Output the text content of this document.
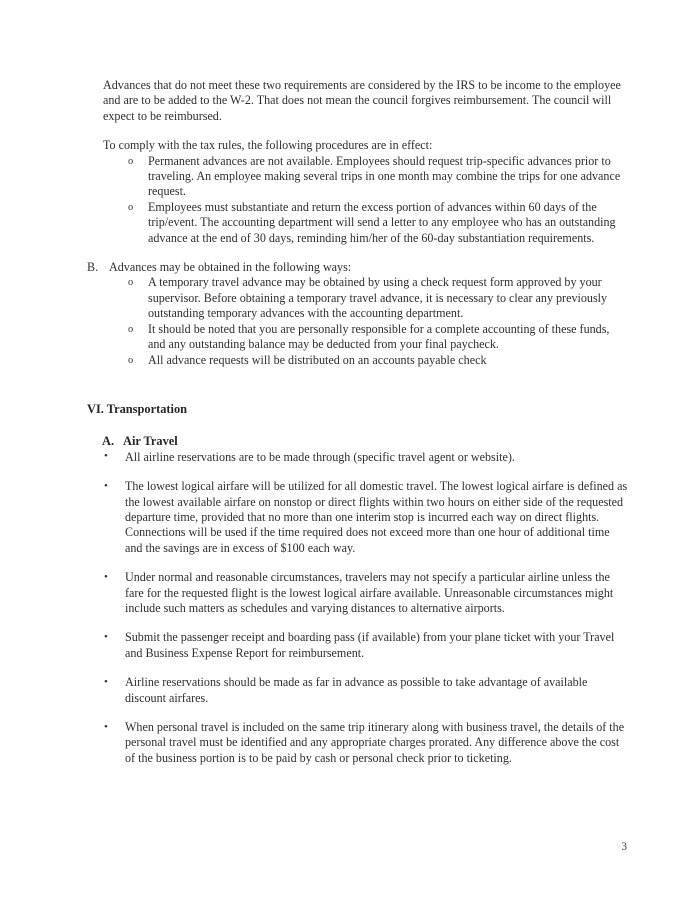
Advances that do not meet these two requirements are considered by the IRS to be income to the employee and are to be added to the W-2. That does not mean the council forgives reimbursement. The council will expect to be reimbursed.

To comply with the tax rules, the following procedures are in effect:

o Permanent advances are not available. Employees should request trip-specific advances prior to traveling. An employee making several trips in one month may combine the trips for one advance request.
o Employees must substantiate and return the excess portion of advances within 60 days of the trip/event. The accounting department will send a letter to any employee who has an outstanding advance at the end of 30 days, reminding him/her of the 60-day substantiation requirements.
B. Advances may be obtained in the following ways:
o A temporary travel advance may be obtained by using a check request form approved by your supervisor. Before obtaining a temporary travel advance, it is necessary to clear any previously outstanding temporary advances with the accounting department.
o It should be noted that you are personally responsible for a complete accounting of these funds, and any outstanding balance may be deducted from your final paycheck.
o All advance requests will be distributed on an accounts payable check
VI. Transportation
A. Air Travel
• All airline reservations are to be made through (specific travel agent or website).
• The lowest logical airfare will be utilized for all domestic travel. The lowest logical airfare is defined as the lowest available airfare on nonstop or direct flights within two hours on either side of the requested departure time, provided that no more than one interim stop is incurred each way on direct flights. Connections will be used if the time required does not exceed more than one hour of additional time and the savings are in excess of $100 each way.
• Under normal and reasonable circumstances, travelers may not specify a particular airline unless the fare for the requested flight is the lowest logical airfare available. Unreasonable circumstances might include such matters as schedules and varying distances to alternative airports.
• Submit the passenger receipt and boarding pass (if available) from your plane ticket with your Travel and Business Expense Report for reimbursement.
• Airline reservations should be made as far in advance as possible to take advantage of available discount airfares.
• When personal travel is included on the same trip itinerary along with business travel, the details of the personal travel must be identified and any appropriate charges prorated. Any difference above the cost of the business portion is to be paid by cash or personal check prior to ticketing.
3
